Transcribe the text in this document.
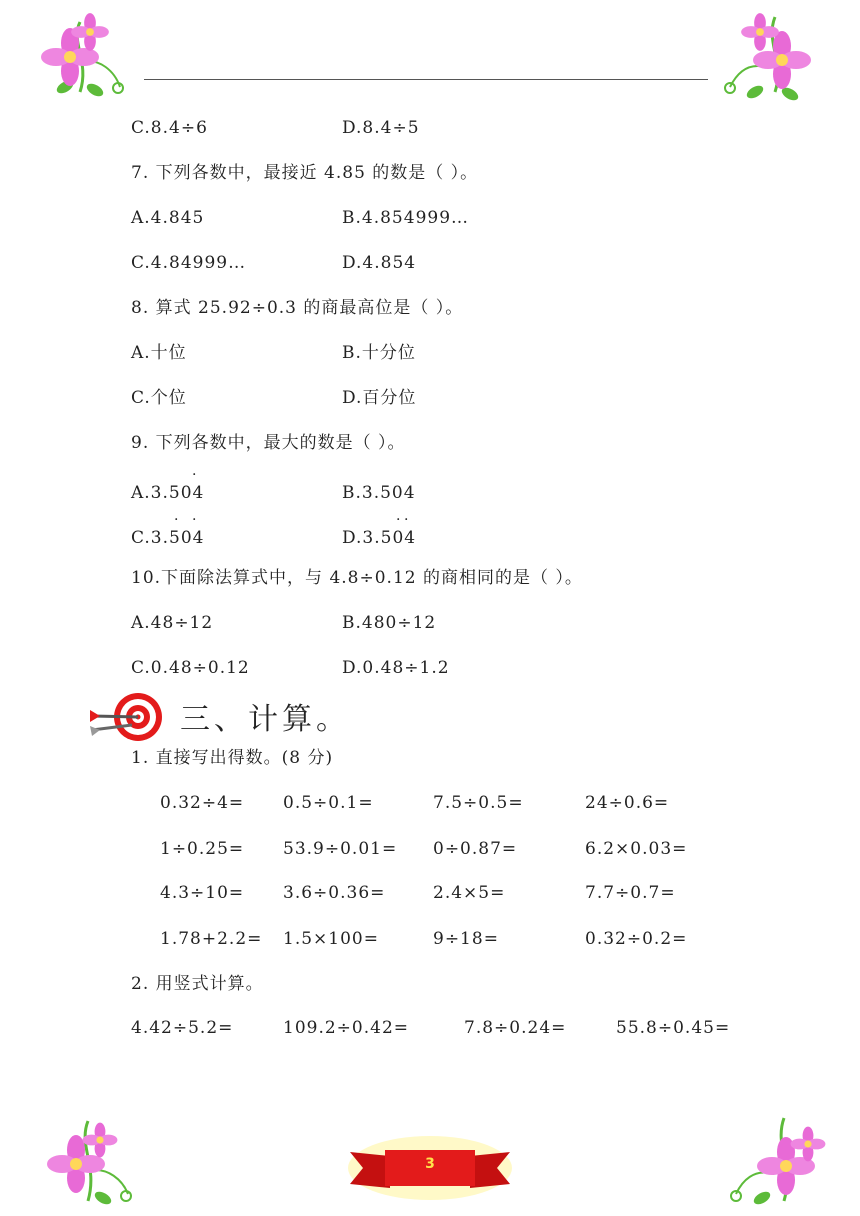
C.8.4÷6	D.8.4÷5
7. 下列各数中，最接近 4.85 的数是（ ）。
A.4.845	B.4.854999…
C.4.84999…	D.4.854
8. 算式 25.92÷0.3 的商最高位是（ ）。
A.十位	B.十分位
C.个位	D.百分位
9. 下列各数中，最大的数是（ ）。
.
A.3.504	B.3.504
. .	. .
C.3.504	D.3.504
10.下面除法算式中，与 4.8÷0.12 的商相同的是（ ）。
A.48÷12	B.480÷12
C.0.48÷0.12	D.0.48÷1.2
三、计算。
1. 直接写出得数。(8 分)
0.32÷4= 0.5÷0.1=	7.5÷0.5=	24÷0.6=
1÷0.25= 53.9÷0.01= 0÷0.87=	6.2×0.03=
4.3÷10= 3.6÷0.36=	2.4×5=	7.7÷0.7=
1.78+2.2= 1.5×100=	9÷18=	0.32÷0.2=
2. 用竖式计算。
4.42÷5.2=	109.2÷0.42=	7.8÷0.24=	55.8÷0.45=
3
